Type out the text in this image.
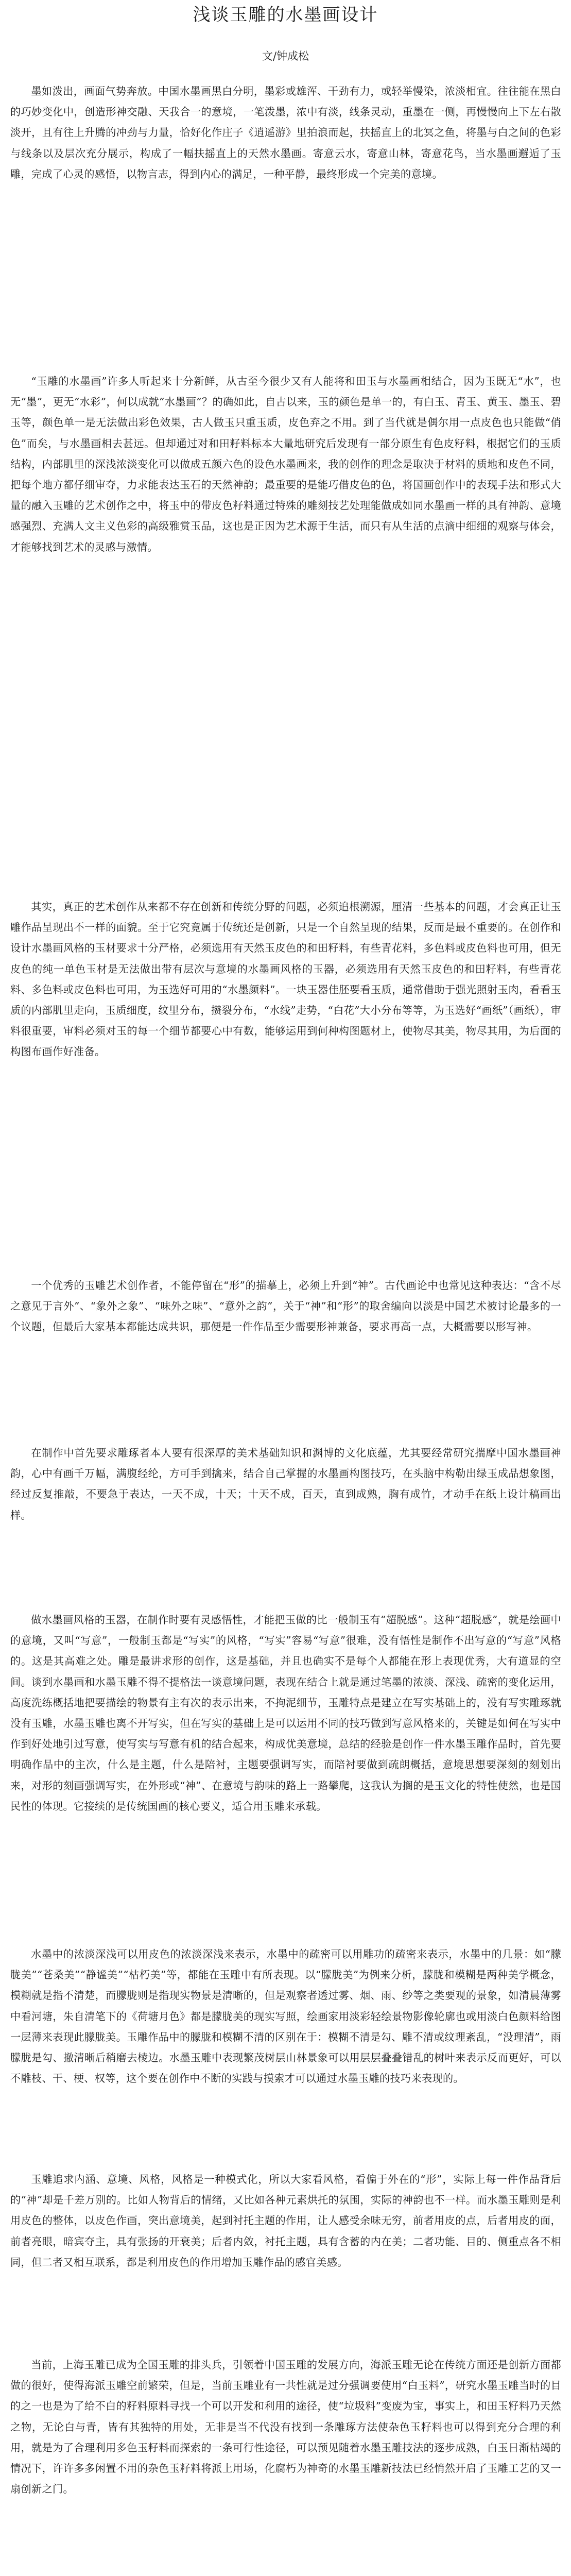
浅谈玉雕的水墨画设计

文/钟成松

墨如泼出，画面气势奔放。中国水墨画黑白分明，墨彩或雄浑、干劲有力，或轻举慢染，浓淡相宜。往往能在黑白的巧妙变化中，创造形神交融、天我合一的意境，一笔泼墨，浓中有淡，线条灵动，重墨在一侧，再慢慢向上下左右散淡开，且有往上升腾的冲劲与力量，恰好化作庄子《逍遥游》里拍浪而起，扶摇直上的北冥之鱼，将墨与白之间的色彩与线条以及层次充分展示，构成了一幅扶摇直上的天然水墨画。寄意云水，寄意山林，寄意花鸟，当水墨画邂逅了玉雕，完成了心灵的感悟，以物言志，得到内心的满足，一种平静，最终形成一个完美的意境。

“玉雕的水墨画”许多人听起来十分新鲜，从古至今很少又有人能将和田玉与水墨画相结合，因为玉既无“水”，也无“墨”，更无“水彩”，何以成就“水墨画”？的确如此，自古以来，玉的颜色是单一的，有白玉、青玉、黄玉、墨玉、碧玉等，颜色单一是无法做出彩色效果，古人做玉只重玉质，皮色弃之不用。到了当代就是偶尔用一点皮色也只能做“俏色”而矣，与水墨画相去甚远。但却通过对和田籽料标本大量地研究后发现有一部分原生有色皮籽料，根据它们的玉质结构，内部肌里的深浅浓淡变化可以做成五颜六色的设色水墨画来，我的创作的理念是取决于材料的质地和皮色不同，把每个地方都仔细审夺，力求能表达玉石的天然神韵；最重要的是能巧借皮色的色，将国画创作中的表现手法和形式大量的融入玉雕的艺术创作之中，将玉中的带皮色籽料通过特殊的雕刻技艺处理能做成如同水墨画一样的具有神韵、意境感强烈、充满人文主义色彩的高级雅赏玉品，这也是正因为艺术源于生活，而只有从生活的点滴中细细的观察与体会，才能够找到艺术的灵感与激情。

其实，真正的艺术创作从来都不存在创新和传统分野的问题，必须追根溯源，厘清一些基本的问题，才会真正让玉雕作品呈现出不一样的面貌。至于它究竟属于传统还是创新，只是一个自然呈现的结果，反而是最不重要的。在创作和设计水墨画风格的玉材要求十分严格，必须选用有天然玉皮色的和田籽料，有些青花料，多色料或皮色料也可用，但无皮色的纯一单色玉材是无法做出带有层次与意境的水墨画风格的玉器，必须选用有天然玉皮色的和田籽料，有些青花料、多色料或皮色料也可用，为玉选好可用的“水墨颜料”。一块玉器佳胚要看玉质，通常借助于强光照射玉肉，看看玉质的内部肌里走向，玉质细度，纹里分布，攒裂分布，“水线”走势，“白花”大小分布等等，为玉选好“画纸”（画纸），审料很重要，审料必须对玉的每一个细节都要心中有数，能够运用到何种构图题材上，使物尽其美，物尽其用，为后面的构图布画作好准备。

一个优秀的玉雕艺术创作者，不能停留在“形”的描摹上，必须上升到“神”。古代画论中也常见这种表达：“含不尽之意见于言外”、“象外之象”、“味外之味”、“意外之韵”，关于“神”和“形”的取舍编向以淡是中国艺术被讨论最多的一个议题，但最后大家基本都能达成共识，那便是一件作品至少需要形神兼备，要求再高一点，大概需要以形写神。

在制作中首先要求雕琢者本人要有很深厚的美术基础知识和渊博的文化底蕴，尤其要经常研究揣摩中国水墨画神韵，心中有画千万幅，满腹经纶，方可手到擒来，结合自己掌握的水墨画构图技巧，在头脑中构勒出绿玉成品想象图，经过反复推敲，不要急于表达，一天不成，十天；十天不成，百天，直到成熟，胸有成竹，才动手在纸上设计稿画出样。

做水墨画风格的玉器，在制作时要有灵感悟性，才能把玉做的比一般制玉有“超脱感”。这种“超脱感”，就是绘画中的意境，又叫“写意”，一般制玉都是“写实”的风格，“写实”容易“写意”很难，没有悟性是制作不出写意的“写意”风格的。这是其高难之处。雕是最讲求形的创作，这是基础，并且也确实不是每个人都能在形上表现优秀，大有道显的空间。谈到水墨画和水墨玉雕不得不提格法一谈意境问题，表现在结合上就是通过笔墨的浓淡、深浅、疏密的变化运用，高度洗练概括地把要描绘的物景有主有次的表示出来，不拘泥细节，玉雕特点是建立在写实基础上的，没有写实雕琢就没有玉雕，水墨玉雕也离不开写实，但在写实的基础上是可以运用不同的技巧做到写意风格来的，关键是如何在写实中作到好处地引过写意，使写实与写意有机的结合起来，构成优美意境，总结的经验是创作一件水墨玉雕作品时，首先要明确作品中的主次，什么是主题，什么是陪衬，主题要强调写实，而陪衬要做到疏朗概括，意境思想要深刻的刻划出来，对形的刻画强调写实，在外形或“神”、在意境与韵味的路上一路攀爬，这我认为搁的是玉文化的特性使然，也是国民性的体现。它接续的是传统国画的核心要义，适合用玉雕来承载。

水墨中的浓淡深浅可以用皮色的浓淡深浅来表示，水墨中的疏密可以用雕功的疏密来表示，水墨中的几景：如“朦胧美”“苍桑美”“静谧美”“枯朽美”等，都能在玉雕中有所表现。以“朦胧美”为例来分析，朦胧和模糊是两种美学概念，模糊就是指不清楚，而朦胧则是指现实物景是清晰的，但是观察者透过雾、烟、雨、纱等之类要观的景象，如清晨薄雾中看河塘，朱自清笔下的《荷塘月色》都是朦胧美的现实写照，绘画家用淡彩轻绘景物影像轮廓也或用淡白色颜料给图一层薄来表现此朦胧美。玉雕作品中的朦胧和模糊不清的区别在于：模糊不清是勾、雕不清或纹理紊乱，“没理清”，雨朦胧是勾、撤清晰后稍磨去棱边。水墨玉雕中表现繁茂树层山林景象可以用层层叠叠错乱的树叶来表示反而更好，可以不雕枝、干、梗、权等，这个要在创作中不断的实践与摸索才可以通过水墨玉雕的技巧来表现的。

玉雕追求内涵、意境、风格，风格是一种模式化，所以大家看风格，看偏于外在的“形”，实际上每一件作品背后的“神”却是千差万别的。比如人物背后的情绪，又比如各种元素烘托的氛围，实际的神韵也不一样。而水墨玉雕则是利用皮色的整体，以皮色作画，突出意境美，起到衬托主题的作用，让人感受余味无穷，前者用皮的点，后者用皮的面，前者亮眼，暗宾夺主，具有张扬的开衰美；后者内敛，衬托主题，具有含蓄的内在美；二者功能、目的、侧重点各不相同，但二者又相互联系，都是利用皮色的作用增加玉雕作品的感官美感。

当前，上海玉雕已成为全国玉雕的排头兵，引领着中国玉雕的发展方向，海派玉雕无论在传统方面还是创新方面都做的很好，使得海派玉雕空前繁荣，但是，当前玉雕业有一共性就是过分强调要使用“白玉料”，研究水墨玉雕当时的目的之一也是为了给不白的籽料原料寻找一个可以开发和利用的途径，使“垃圾料”变废为宝，事实上，和田玉籽料乃天然之物，无论白与青，皆有其独特的用处，无非是当不代没有找到一条雕琢方法使杂色玉籽料也可以得到充分合理的利用，就是为了合理利用多色玉籽料而探索的一条可行性途径，可以预见随着水墨玉雕技法的逐步成熟，白玉日渐枯竭的情况下，许许多多闲置不用的杂色玉籽料将派上用场，化腐朽为神奇的水墨玉雕新技法已经悄然开启了玉雕工艺的又一扇创新之门。
